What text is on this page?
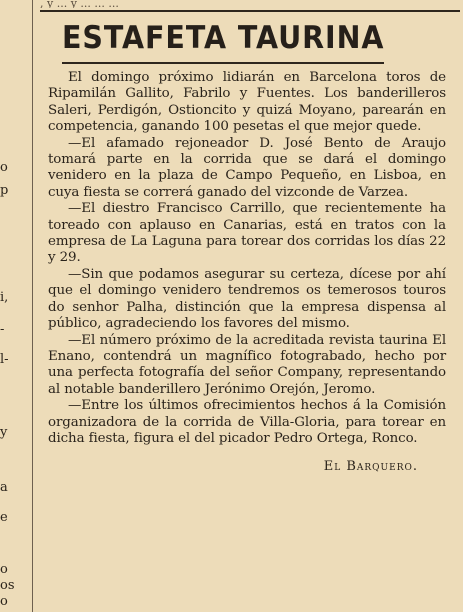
, y ... y ... ... ...
o
p
i,
-
l-
y
a
e
o
os
o
ESTAFETA TAURINA

El domingo próximo lidiarán en Barcelona toros de Ripamilán Gallito, Fabrilo y Fuentes. Los banderilleros Saleri, Perdigón, Ostioncito y quizá Moyano, parearán en competencia, ganando 100 pesetas el que mejor quede.

—El afamado rejoneador D. José Bento de Araujo tomará parte en la corrida que se dará el domingo venidero en la plaza de Campo Pequeño, en Lisboa, en cuya fiesta se correrá ganado del vizconde de Varzea.

—El diestro Francisco Carrillo, que recientemente ha toreado con aplauso en Canarias, está en tratos con la empresa de La Laguna para torear dos corridas los días 22 y 29.

—Sin que podamos asegurar su certeza, dícese por ahí que el domingo venidero tendremos os temerosos touros do senhor Palha, distinción que la empresa dispensa al público, agradeciendo los favores del mismo.

—El número próximo de la acreditada revista taurina El Enano, contendrá un magnífico fotograbado, hecho por una perfecta fotografía del señor Company, representando al notable banderillero Jerónimo Orejón, Jeromo.

—Entre los últimos ofrecimientos hechos á la Comisión organizadora de la corrida de Villa-Gloria, para torear en dicha fiesta, figura el del picador Pedro Ortega, Ronco.

El Barquero.
